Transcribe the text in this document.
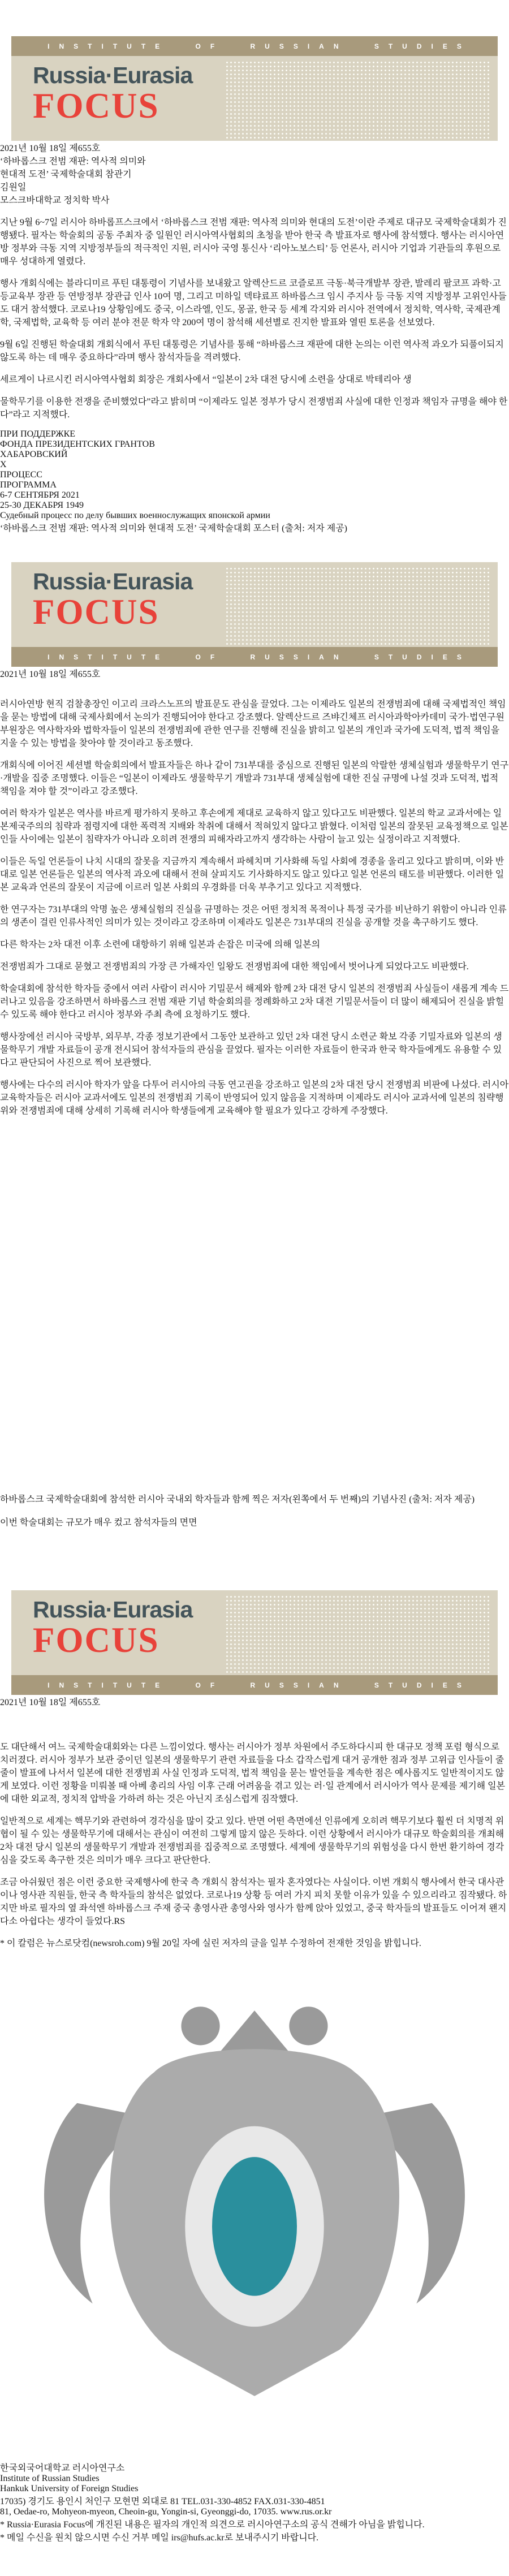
INSTITUTE OF RUSSIAN STUDIES
Russia·Eurasia
FOCUS
2021년 10월 18일 제655호
‘하바롭스크 전범 재판: 역사적 의미와
현대적 도전’ 국제학술대회 참관기
김원일
모스크바대학교 정치학 박사

지난 9월 6~7일 러시아 하바롭프스크에서 ‘하바롭스크 전범 재판: 역사적 의미와 현대의 도전’이란 주제로 대규모 국제학술대회가 진행됐다. 필자는 학술회의 공동 주최자 중 일원인 러시아역사협회의 초청을 받아 한국 측 발표자로 행사에 참석했다. 행사는 러시아연방 정부와 극동 지역 지방정부들의 적극적인 지원, 러시아 국영 통신사 ‘리아노보스티’ 등 언론사, 러시아 기업과 기관들의 후원으로 매우 성대하게 열렸다.

행사 개회식에는 블라디미르 푸틴 대통령이 기념사를 보내왔고 알렉산드르 코즐로프 극동·북극개발부 장관, 발레리 팔코프 과학·고등교육부 장관 등 연방정부 장관급 인사 10여 명, 그리고 미하일 덱탸료프 하바롭스크 임시 주지사 등 극동 지역 지방정부 고위인사들도 대거 참석했다. 코로나19 상황임에도 중국, 이스라엘, 인도, 몽골, 한국 등 세계 각지와 러시아 전역에서 정치학, 역사학, 국제관계학, 국제법학, 교육학 등 여러 분야 전문 학자 약 200여 명이 참석해 세션별로 진지한 발표와 열띤 토론을 선보였다.

9월 6일 진행된 학술대회 개회식에서 푸틴 대통령은 기념사를 통해 “하바롭스크 재판에 대한 논의는 이런 역사적 과오가 되풀이되지 않도록 하는 데 매우 중요하다”라며 행사 참석자들을 격려했다.

세르게이 나르시킨 러시아역사협회 회장은 개회사에서 “일본이 2차 대전 당시에 소련을 상대로 박테리아 생

물학무기를 이용한 전쟁을 준비했었다”라고 밝히며 “이제라도 일본 정부가 당시 전쟁범죄 사실에 대한 인정과 책임자 규명을 해야 한다”라고 지적했다.

ПРИ ПОДДЕРЖКЕ
ФОНДА ПРЕЗИДЕНТСКИХ ГРАНТОВ
ХАБАРОВСКИЙ
Х
ПРОЦЕСС
ПРОГРАММА
6-7 СЕНТЯБРЯ 2021
25-30 ДЕКАБРЯ 1949
Судебный процесс по делу бывших военнослужащих японской армии
‘하바롭스크 전범 재판: 역사적 의미와 현대적 도전’ 국제학술대회 포스터 (출처: 저자 제공)
Russia·Eurasia
FOCUS
INSTITUTE OF RUSSIAN STUDIES
2021년 10월 18일 제655호

러시아연방 현직 검찰총장인 이고리 크라스노프의 발표문도 관심을 끌었다. 그는 이제라도 일본의 전쟁범죄에 대해 국제법적인 책임을 묻는 방법에 대해 국제사회에서 논의가 진행되어야 한다고 강조했다. 알렉산드르 즈뱌긴체프 러시아과학아카데미 국가·법연구원 부원장은 역사학자와 법학자들이 일본의 전쟁범죄에 관한 연구를 진행해 진실을 밝히고 일본의 개인과 국가에 도덕적, 법적 책임을 지울 수 있는 방법을 찾아야 할 것이라고 동조했다.

개회식에 이어진 세션별 학술회의에서 발표자들은 하나 같이 731부대를 중심으로 진행된 일본의 악랄한 생체실험과 생물학무기 연구·개발을 집중 조명했다. 이들은 “일본이 이제라도 생물학무기 개발과 731부대 생체실험에 대한 진실 규명에 나설 것과 도덕적, 법적 책임을 져야 할 것”이라고 강조했다.

여러 학자가 일본은 역사를 바르게 평가하지 못하고 후손에게 제대로 교육하지 않고 있다고도 비판했다. 일본의 학교 교과서에는 일본제국주의의 침략과 점령지에 대한 폭력적 지배와 착취에 대해서 적혀있지 않다고 밝혔다. 이처럼 일본의 잘못된 교육정책으로 일본인들 사이에는 일본이 침략자가 아니라 오히려 전쟁의 피해자라고까지 생각하는 사람이 늘고 있는 실정이라고 지적했다.

이들은 독일 언론들이 나치 시대의 잘못을 지금까지 계속해서 파헤치며 기사화해 독일 사회에 경종을 울리고 있다고 밝히며, 이와 반대로 일본 언론들은 일본의 역사적 과오에 대해서 전혀 살피지도 기사화하지도 않고 있다고 일본 언론의 태도를 비판했다. 이러한 일본 교육과 언론의 잘못이 지금에 이르러 일본 사회의 우경화를 더욱 부추기고 있다고 지적했다.

한 연구자는 731부대의 악명 높은 생체실험의 진실을 규명하는 것은 어떤 정치적 목적이나 특정 국가를 비난하기 위함이 아니라 인류의 생존이 걸린 인류사적인 의미가 있는 것이라고 강조하며 이제라도 일본은 731부대의 진실을 공개할 것을 촉구하기도 했다.

다른 학자는 2차 대전 이후 소련에 대항하기 위해 일본과 손잡은 미국에 의해 일본의

전쟁범죄가 그대로 묻혔고 전쟁범죄의 가장 큰 가해자인 일왕도 전쟁범죄에 대한 책임에서 벗어나게 되었다고도 비판했다.

학술대회에 참석한 학자들 중에서 여러 사람이 러시아 기밀문서 해제와 함께 2차 대전 당시 일본의 전쟁범죄 사실들이 새롭게 계속 드러나고 있음을 강조하면서 하바롭스크 전범 재판 기념 학술회의를 정례화하고 2차 대전 기밀문서들이 더 많이 해제되어 진실을 밝힐 수 있도록 해야 한다고 러시아 정부와 주최 측에 요청하기도 했다.

행사장에선 러시아 국방부, 외무부, 각종 정보기관에서 그동안 보관하고 있던 2차 대전 당시 소련군 확보 각종 기밀자료와 일본의 생물학무기 개발 자료들이 공개 전시되어 참석자들의 관심을 끌었다. 필자는 이러한 자료들이 한국과 한국 학자들에게도 유용할 수 있다고 판단되어 사진으로 찍어 보관했다.

행사에는 다수의 러시아 학자가 앞을 다투어 러시아의 극동 연고권을 강조하고 일본의 2차 대전 당시 전쟁범죄 비판에 나섰다. 러시아 교육학자들은 러시아 교과서에도 일본의 전쟁범죄 기록이 반영되어 있지 않음을 지적하며 이제라도 러시아 교과서에 일본의 침략행위와 전쟁범죄에 대해 상세히 기록해 러시아 학생들에게 교육해야 할 필요가 있다고 강하게 주장했다.

하바롭스크 국제학술대회에 참석한 러시아 국내외 학자들과 함께 찍은 저자(왼쪽에서 두 번째)의 기념사진 (출처: 저자 제공)

이번 학술대회는 규모가 매우 컸고 참석자들의 면면

Russia·Eurasia
FOCUS
INSTITUTE OF RUSSIAN STUDIES
2021년 10월 18일 제655호

도 대단해서 여느 국제학술대회와는 다른 느낌이었다. 행사는 러시아가 정부 차원에서 주도하다시피 한 대규모 정책 포럼 형식으로 치러졌다. 러시아 정부가 보관 중이던 일본의 생물학무기 관련 자료들을 다소 갑작스럽게 대거 공개한 점과 정부 고위급 인사들이 줄줄이 발표에 나서서 일본에 대한 전쟁범죄 사실 인정과 도덕적, 법적 책임을 묻는 발언들을 계속한 점은 예사롭지도 일반적이지도 않게 보였다. 이런 정황을 미뤄볼 때 아베 총리의 사임 이후 근래 어려움을 겪고 있는 러·일 관계에서 러시아가 역사 문제를 제기해 일본에 대한 외교적, 정치적 압박을 가하려 하는 것은 아닌지 조심스럽게 짐작했다.

일반적으로 세계는 핵무기와 관련하여 경각심을 많이 갖고 있다. 반면 어떤 측면에선 인류에게 오히려 핵무기보다 훨씬 더 치명적 위협이 될 수 있는 생물학무기에 대해서는 관심이 여전히 그렇게 많지 않은 듯하다. 이런 상황에서 러시아가 대규모 학술회의를 개최해 2차 대전 당시 일본의 생물학무기 개발과 전쟁범죄를 집중적으로 조명했다. 세계에 생물학무기의 위험성을 다시 한번 환기하여 경각심을 갖도록 촉구한 것은 의미가 매우 크다고 판단한다.

조금 아쉬웠던 점은 이런 중요한 국제행사에 한국 측 개회식 참석자는 필자 혼자였다는 사실이다. 이번 개회식 행사에서 한국 대사관이나 영사관 직원들, 한국 측 학자들의 참석은 없었다. 코로나19 상황 등 여러 가지 피치 못할 이유가 있을 수 있으리라고 짐작됐다. 하지만 바로 필자의 옆 좌석엔 하바롭스크 주재 중국 총영사관 총영사와 영사가 함께 앉아 있었고, 중국 학자들의 발표들도 이어져 왠지 다소 아쉽다는 생각이 들었다.RS

* 이 칼럼은 뉴스로닷컴(newsroh.com) 9월 20일 자에 실린 저자의 글을 일부 수정하여 전재한 것임을 밝힙니다.
한국외국어대학교 러시아연구소
Institute of Russian Studies
Hankuk University of Foreign Studies
17035) 경기도 용인시 처인구 모현면 외대로 81 TEL.031-330-4852 FAX.031-330-4851
81, Oedae-ro, Mohyeon-myeon, Cheoin-gu, Yongin-si, Gyeonggi-do, 17035. www.rus.or.kr
* Russia·Eurasia Focus에 개진된 내용은 필자의 개인적 의견으로 러시아연구소의 공식 견해가 아님을 밝힙니다.
* 메일 수신을 원치 않으시면 수신 거부 메일 irs@hufs.ac.kr로 보내주시기 바랍니다.
